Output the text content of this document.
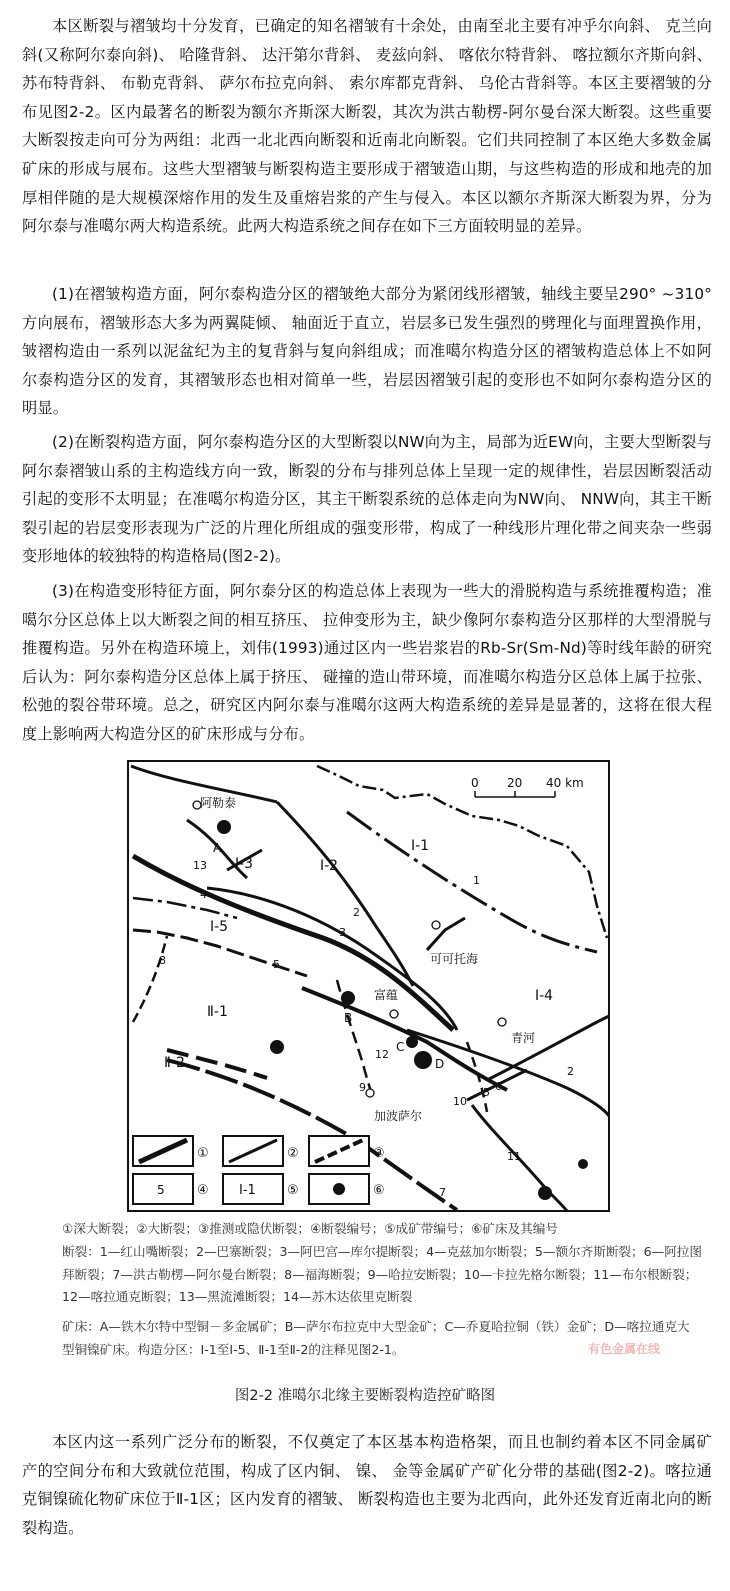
本区断裂与褶皱均十分发育，已确定的知名褶皱有十余处，由南至北主要有冲乎尔向斜、 克兰向斜(又称阿尔泰向斜)、 哈隆背斜、 达汗第尔背斜、 麦兹向斜、 喀依尔特背斜、 喀拉额尔齐斯向斜、 苏布特背斜、 布勒克背斜、 萨尔布拉克向斜、 索尔库都克背斜、 乌伦古背斜等。本区主要褶皱的分布见图2-2。区内最著名的断裂为额尔齐斯深大断裂，其次为洪古勒楞-阿尔曼台深大断裂。这些重要大断裂按走向可分为两组：北西一北北西向断裂和近南北向断裂。它们共同控制了本区绝大多数金属矿床的形成与展布。这些大型褶皱与断裂构造主要形成于褶皱造山期，与这些构造的形成和地壳的加厚相伴随的是大规模深熔作用的发生及重熔岩浆的产生与侵入。本区以额尔齐斯深大断裂为界，分为阿尔泰与准噶尔两大构造系统。此两大构造系统之间存在如下三方面较明显的差异。

(1)在褶皱构造方面，阿尔泰构造分区的褶皱绝大部分为紧闭线形褶皱，轴线主要呈290° ~310° 方向展布，褶皱形态大多为两翼陡倾、 轴面近于直立，岩层多已发生强烈的劈理化与面理置换作用，皱褶构造由一系列以泥盆纪为主的复背斜与复向斜组成；而准噶尔构造分区的褶皱构造总体上不如阿尔泰构造分区的发育，其褶皱形态也相对简单一些，岩层因褶皱引起的变形也不如阿尔泰构造分区的明显。

(2)在断裂构造方面，阿尔泰构造分区的大型断裂以NW向为主，局部为近EW向，主要大型断裂与阿尔泰褶皱山系的主构造线方向一致，断裂的分布与排列总体上呈现一定的规律性，岩层因断裂活动引起的变形不太明显；在准噶尔构造分区，其主干断裂系统的总体走向为NW向、 NNW向，其主干断裂引起的岩层变形表现为广泛的片理化所组成的强变形带，构成了一种线形片理化带之间夹杂一些弱变形地体的较独特的构造格局(图2-2)。

(3)在构造变形特征方面，阿尔泰分区的构造总体上表现为一些大的滑脱构造与系统推覆构造；准噶尔分区总体上以大断裂之间的相互挤压、 拉伸变形为主，缺少像阿尔泰构造分区那样的大型滑脱与推覆构造。另外在构造环境上，刘伟(1993)通过区内一些岩浆岩的Rb-Sr(Sm-Nd)等时线年龄的研究后认为：阿尔泰构造分区总体上属于挤压、 碰撞的造山带环境，而准噶尔构造分区总体上属于拉张、 松弛的裂谷带环境。总之，研究区内阿尔泰与准噶尔这两大构造系统的差异是显著的，这将在很大程度上影响两大构造分区的矿床形成与分布。

0 20 40 km
阿勒泰
可可托海
富蕴
青河
加波萨尔
A
B
C
D
Ⅰ-1
Ⅰ-2
Ⅰ-3
Ⅰ-4
Ⅰ-5
Ⅱ-1
Ⅱ-2
1
2
2
3
4
5
5 6
7
8
9
10
11
12
13
①	②	③
5 ④ Ⅰ-1 ⑤	⑥

①深大断裂；②大断裂；③推测或隐伏断裂；④断裂编号；⑤成矿带编号；⑥矿床及其编号

断裂：1—红山嘴断裂；2—巴寨断裂；3—阿巴宫—库尔提断裂；4—克兹加尔断裂；5—额尔齐斯断裂；6—阿拉图拜断裂；7—洪古勒楞—阿尔曼台断裂；8—福海断裂；9—哈拉安断裂；10—卡拉先格尔断裂；11—布尔根断裂；12—喀拉通克断裂；13—黑流滩断裂；14—苏木达依里克断裂

矿床：A—铁木尔特中型铜－多金属矿；B—萨尔布拉克中大型金矿；C—乔夏哈拉铜（铁）金矿；D—喀拉通克大型铜镍矿床。构造分区：Ⅰ-1至Ⅰ-5、Ⅱ-1至Ⅱ-2的注释见图2-1。	有色金属在线

图2-2 准噶尔北缘主要断裂构造控矿略图

本区内这一系列广泛分布的断裂，不仅奠定了本区基本构造格架，而且也制约着本区不同金属矿产的空间分布和大致就位范围，构成了区内铜、 镍、 金等金属矿产矿化分带的基础(图2-2)。喀拉通克铜镍硫化物矿床位于Ⅱ-1区；区内发育的褶皱、 断裂构造也主要为北西向，此外还发育近南北向的断裂构造。
